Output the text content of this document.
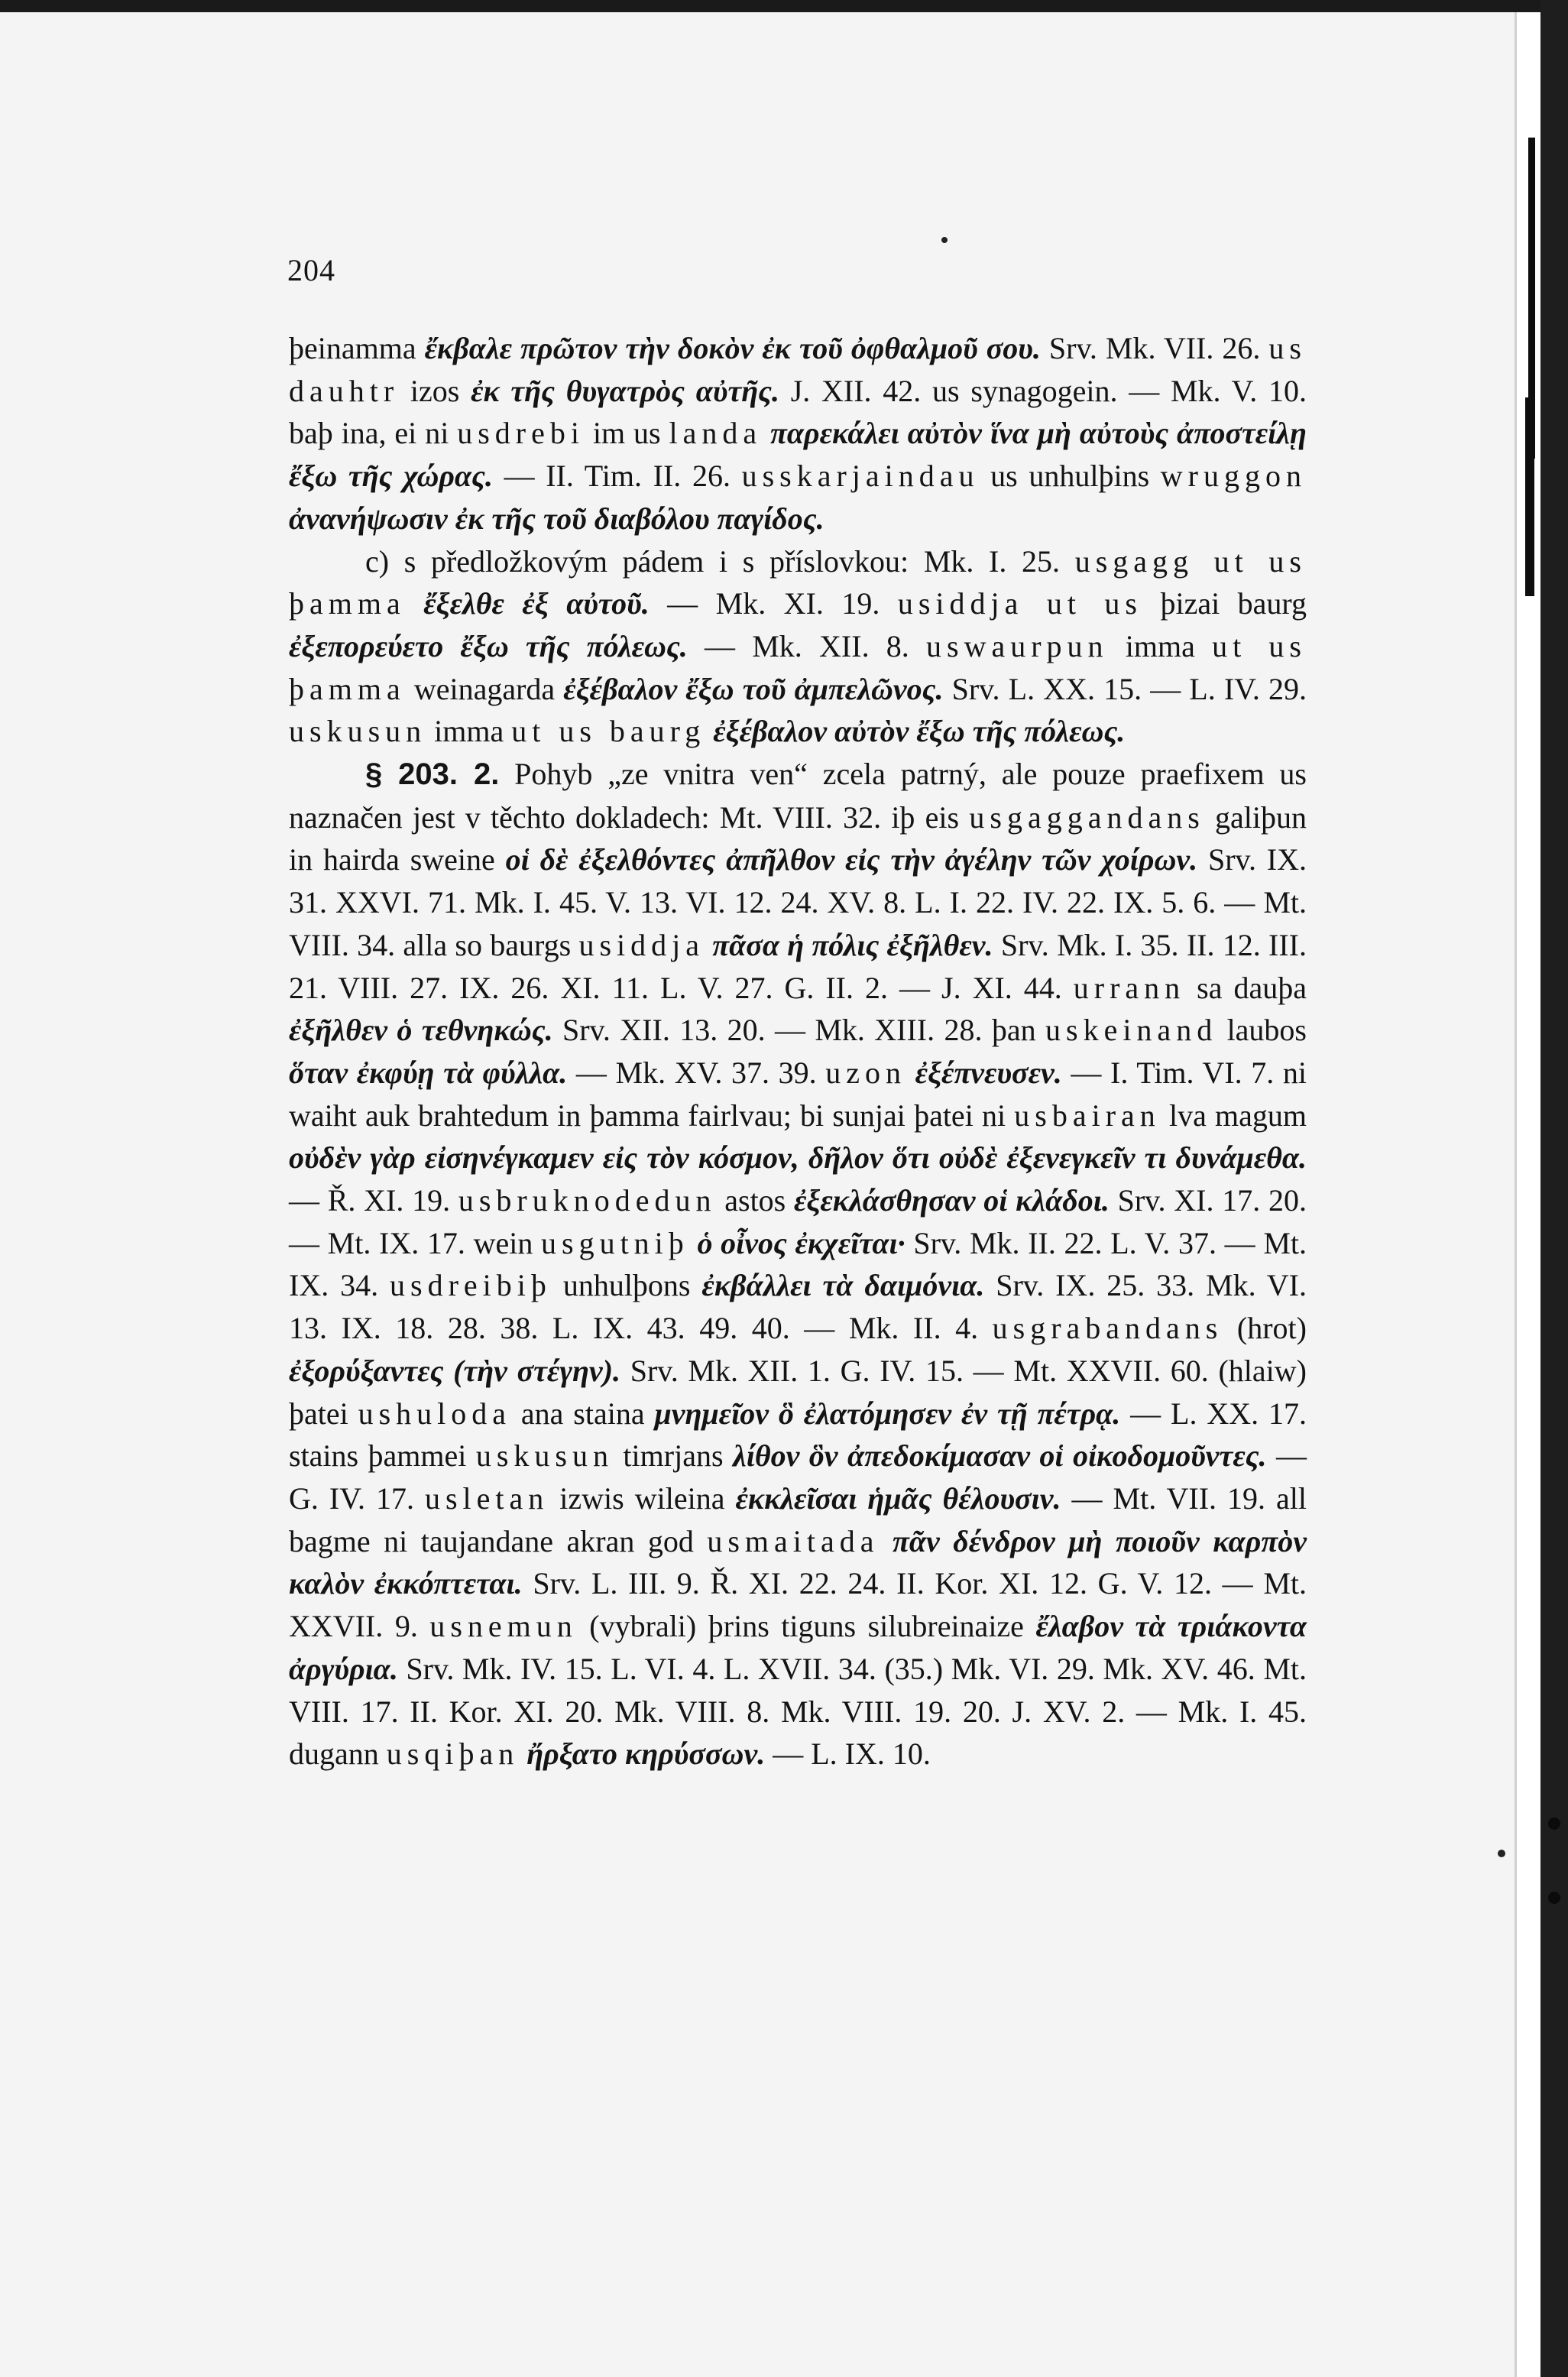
204

þeinamma ἔκβαλε πρῶτον τὴν δοκὸν ἐκ τοῦ ὀφθαλμοῦ σου. Srv. Mk. VII. 26. us dauhtr izos ἐκ τῆς θυγατρὸς αὐτῆς. J. XII. 42. us synagogein. — Mk. V. 10. baþ ina, ei ni usdrebi im us landa παρεκάλει αὐτὸν ἵνα μὴ αὐτοὺς ἀποστείλῃ ἔξω τῆς χώρας. — II. Tim. II. 26. usskarjaindau us unhulþins wruggon ἀνανήψωσιν ἐκ τῆς τοῦ διαβόλου παγίδος.

c) s předložkovým pádem i s příslovkou: Mk. I. 25. usgagg ut us þamma ἔξελθε ἐξ αὐτοῦ. — Mk. XI. 19. usiddja ut us þizai baurg ἐξεπορεύετο ἔξω τῆς πόλεως. — Mk. XII. 8. uswaurpun imma ut us þamma weinagarda ἐξέβαλον ἔξω τοῦ ἀμπελῶνος. Srv. L. XX. 15. — L. IV. 29. uskusun imma ut us baurg ἐξέβαλον αὐτὸν ἔξω τῆς πόλεως.

§ 203. 2. Pohyb „ze vnitra ven“ zcela patrný, ale pouze praefixem us naznačen jest v těchto dokladech: Mt. VIII. 32. iþ eis usgaggandans galiþun in hairda sweine οἱ δὲ ἐξελθόντες ἀπῆλθον εἰς τὴν ἀγέλην τῶν χοίρων. Srv. IX. 31. XXVI. 71. Mk. I. 45. V. 13. VI. 12. 24. XV. 8. L. I. 22. IV. 22. IX. 5. 6. — Mt. VIII. 34. alla so baurgs usiddja πᾶσα ἡ πόλις ἐξῆλθεν. Srv. Mk. I. 35. II. 12. III. 21. VIII. 27. IX. 26. XI. 11. L. V. 27. G. II. 2. — J. XI. 44. urrann sa dauþa ἐξῆλθεν ὁ τεθνηκώς. Srv. XII. 13. 20. — Mk. XIII. 28. þan uskeinand laubos ὅταν ἐκφύῃ τὰ φύλλα. — Mk. XV. 37. 39. uzon ἐξέπνευσεν. — I. Tim. VI. 7. ni waiht auk brahtedum in þamma fairlvau; bi sunjai þatei ni usbairan lva magum οὐδὲν γὰρ εἰσηνέγκαμεν εἰς τὸν κόσμον, δῆλον ὅτι οὐδὲ ἐξενεγκεῖν τι δυνάμεθα. — Ř. XI. 19. usbruknodedun astos ἐξεκλάσθησαν οἱ κλάδοι. Srv. XI. 17. 20. — Mt. IX. 17. wein usgutniþ ὁ οἶνος ἐκχεῖται· Srv. Mk. II. 22. L. V. 37. — Mt. IX. 34. usdreibiþ unhulþons ἐκβάλλει τὰ δαιμόνια. Srv. IX. 25. 33. Mk. VI. 13. IX. 18. 28. 38. L. IX. 43. 49. 40. — Mk. II. 4. usgrabandans (hrot) ἐξορύξαντες (τὴν στέγην). Srv. Mk. XII. 1. G. IV. 15. — Mt. XXVII. 60. (hlaiw) þatei ushuloda ana staina μνημεῖον ὃ ἐλατόμησεν ἐν τῇ πέτρᾳ. — L. XX. 17. stains þammei uskusun timrjans λίθον ὃν ἀπεδοκίμασαν οἱ οἰκοδομοῦντες. — G. IV. 17. usletan izwis wileina ἐκκλεῖσαι ἡμᾶς θέλουσιν. — Mt. VII. 19. all bagme ni taujandane akran god usmaitada πᾶν δένδρον μὴ ποιοῦν καρπὸν καλὸν ἐκκόπτεται. Srv. L. III. 9. Ř. XI. 22. 24. II. Kor. XI. 12. G. V. 12. — Mt. XXVII. 9. usnemun (vybrali) þrins tiguns silubreinaize ἔλαβον τὰ τριάκοντα ἀργύρια. Srv. Mk. IV. 15. L. VI. 4. L. XVII. 34. (35.) Mk. VI. 29. Mk. XV. 46. Mt. VIII. 17. II. Kor. XI. 20. Mk. VIII. 8. Mk. VIII. 19. 20. J. XV. 2. — Mk. I. 45. dugann usqiþan ἤρξατο κηρύσσων. — L. IX. 10.
